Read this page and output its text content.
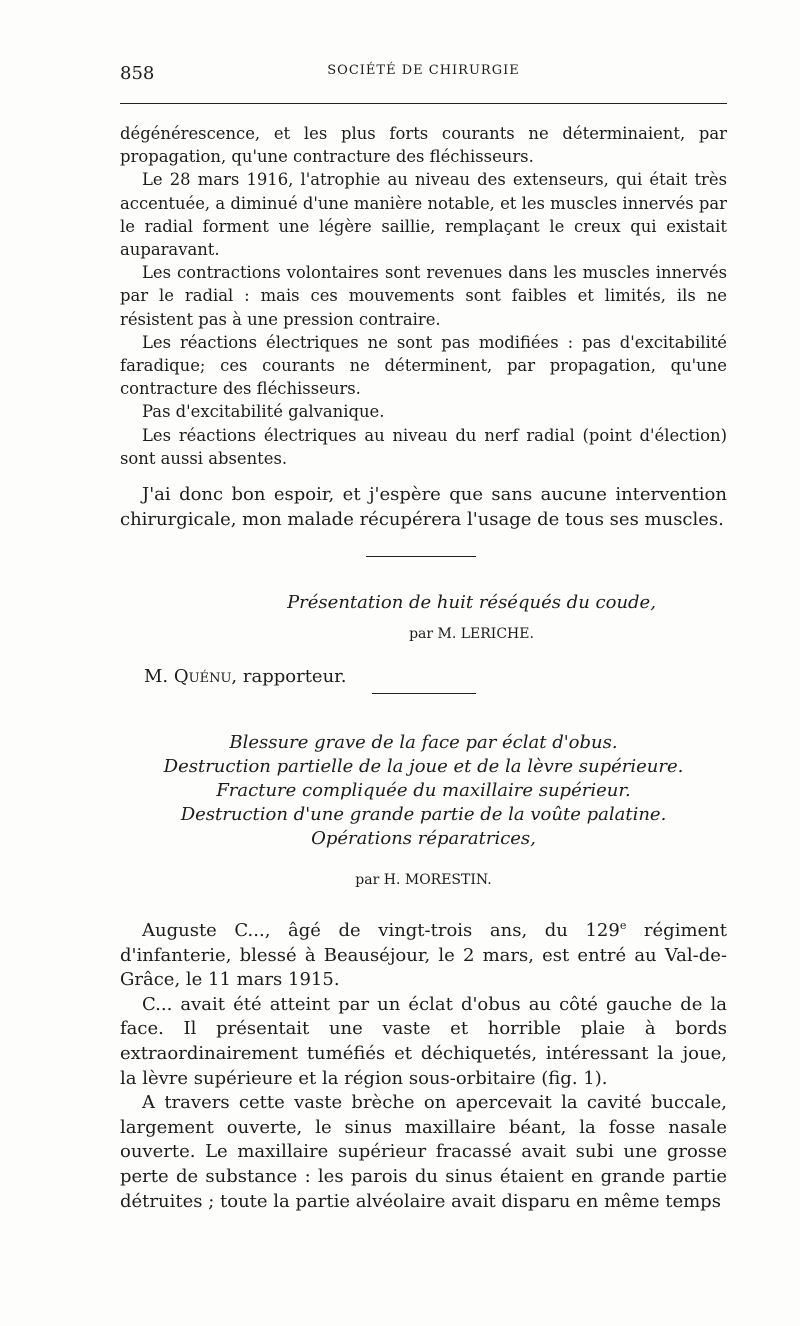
858	SOCIÉTÉ DE CHIRURGIE

dégénérescence, et les plus forts courants ne déterminaient, par propagation, qu'une contracture des fléchisseurs.

Le 28 mars 1916, l'atrophie au niveau des extenseurs, qui était très accentuée, a diminué d'une manière notable, et les muscles innervés par le radial forment une légère saillie, remplaçant le creux qui existait auparavant.

Les contractions volontaires sont revenues dans les muscles innervés par le radial : mais ces mouvements sont faibles et limités, ils ne résistent pas à une pression contraire.

Les réactions électriques ne sont pas modifiées : pas d'excitabilité faradique; ces courants ne déterminent, par propagation, qu'une contracture des fléchisseurs.

Pas d'excitabilité galvanique.

Les réactions électriques au niveau du nerf radial (point d'élection) sont aussi absentes.

J'ai donc bon espoir, et j'espère que sans aucune intervention chirurgicale, mon malade récupérera l'usage de tous ses muscles.

Présentation de huit réséqués du coude,
par M. LERICHE.
M. Quénu, rapporteur.
Blessure grave de la face par éclat d'obus.
Destruction partielle de la joue et de la lèvre supérieure.
Fracture compliquée du maxillaire supérieur.
Destruction d'une grande partie de la voûte palatine.
Opérations réparatrices,
par H. MORESTIN.

Auguste C..., âgé de vingt-trois ans, du 129e régiment d'infanterie, blessé à Beauséjour, le 2 mars, est entré au Val-de-Grâce, le 11 mars 1915.

C... avait été atteint par un éclat d'obus au côté gauche de la face. Il présentait une vaste et horrible plaie à bords extraordinairement tuméfiés et déchiquetés, intéressant la joue, la lèvre supérieure et la région sous-orbitaire (fig. 1).

A travers cette vaste brèche on apercevait la cavité buccale, largement ouverte, le sinus maxillaire béant, la fosse nasale ouverte. Le maxillaire supérieur fracassé avait subi une grosse perte de substance : les parois du sinus étaient en grande partie détruites ; toute la partie alvéolaire avait disparu en même temps
